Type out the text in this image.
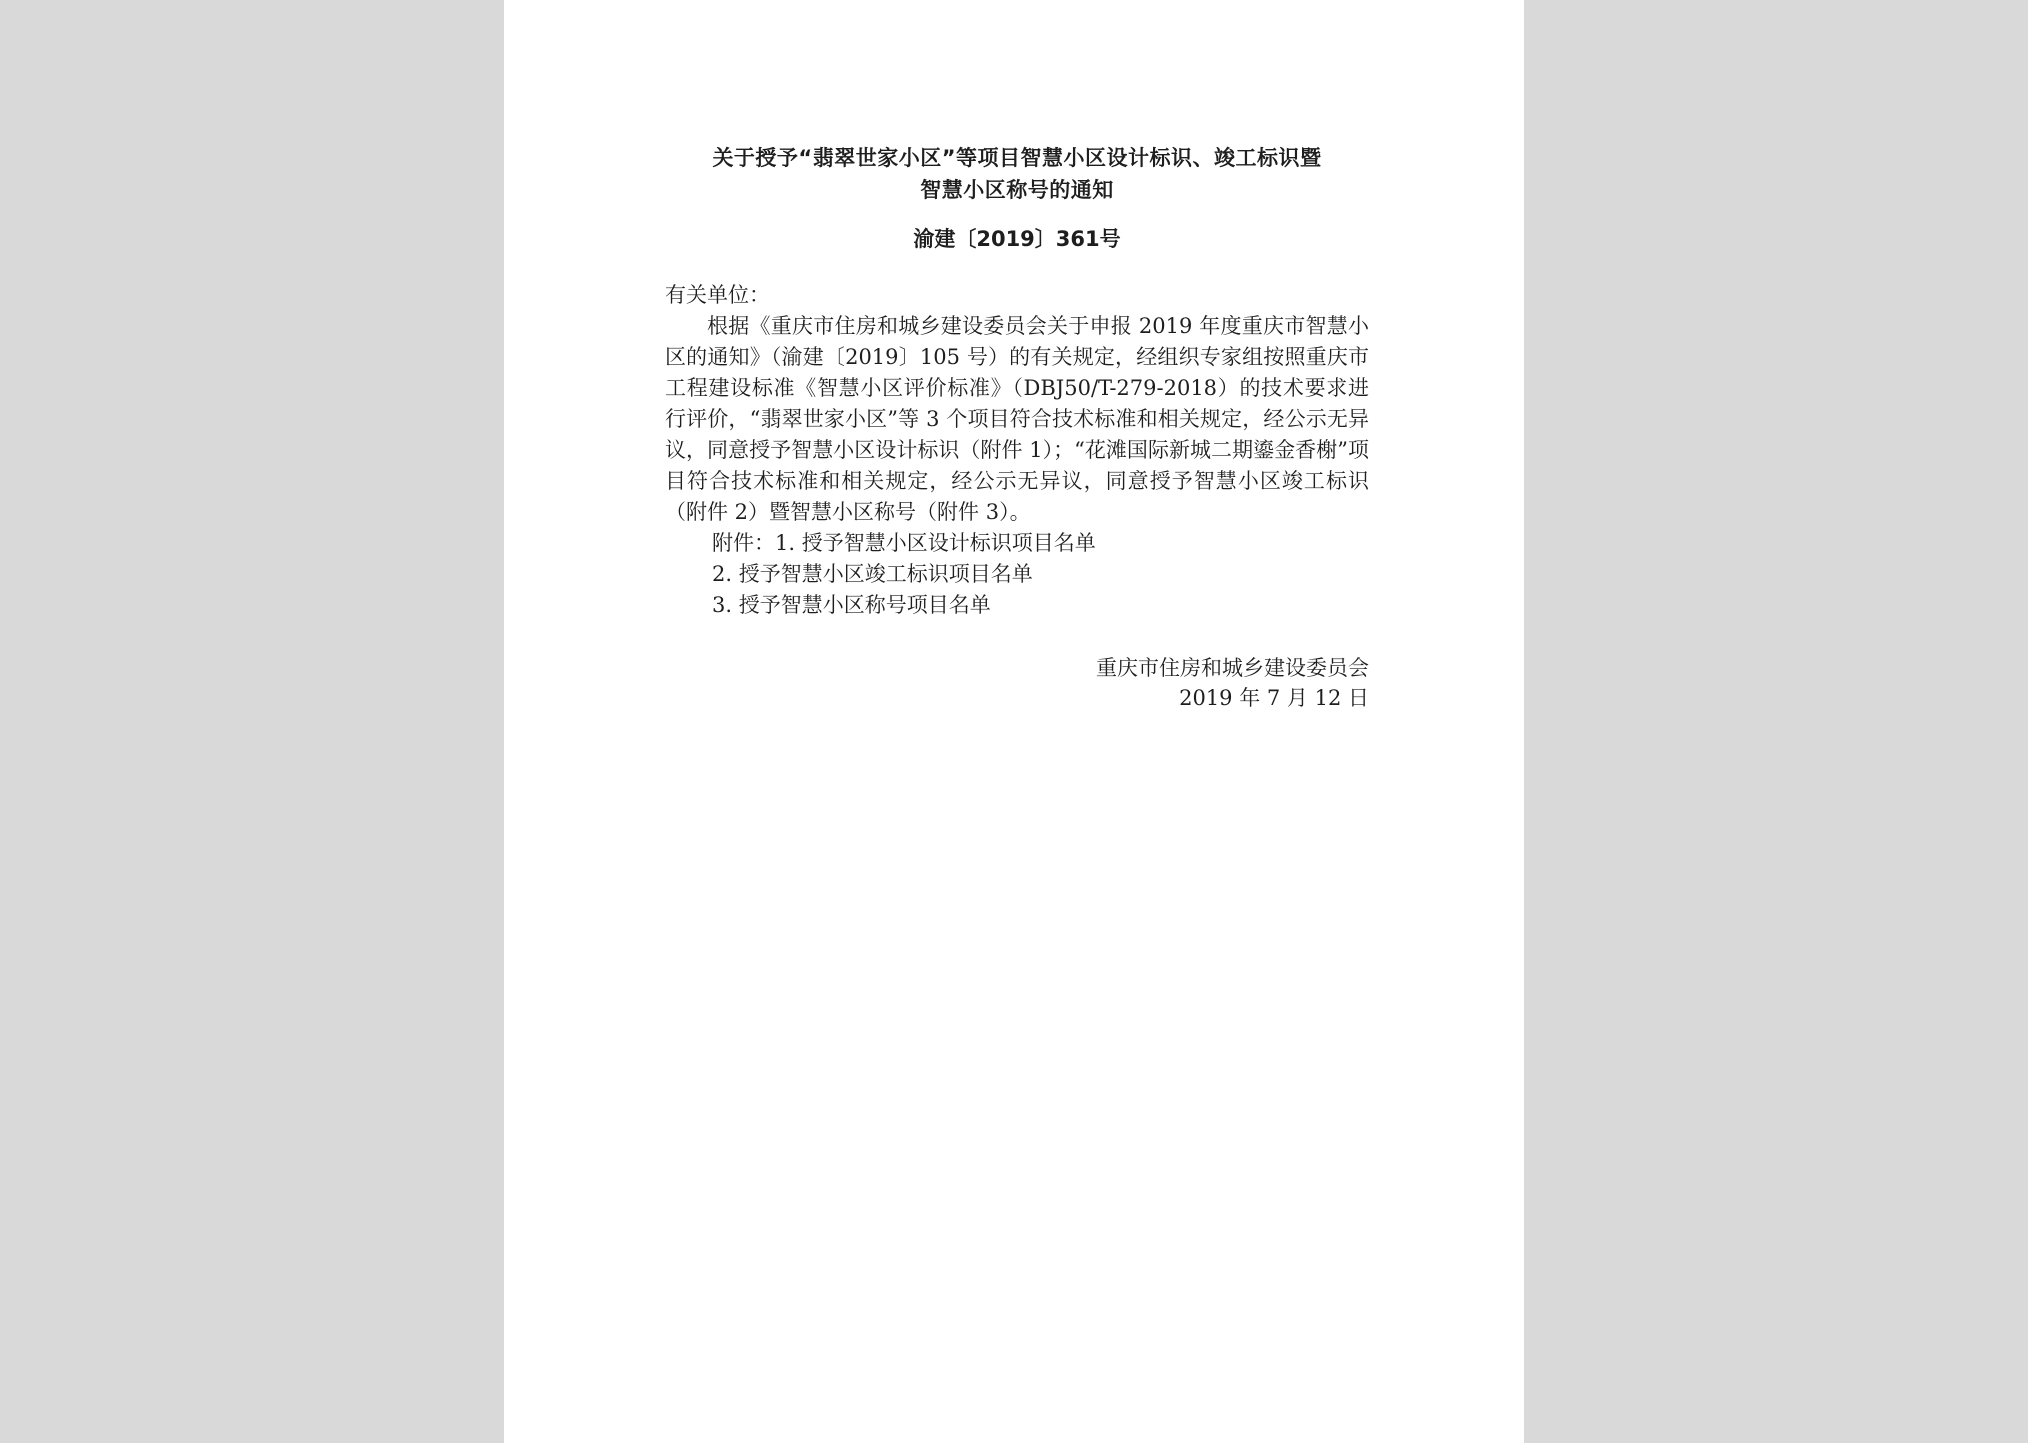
关于授予“翡翠世家小区”等项目智慧小区设计标识、竣工标识暨
智慧小区称号的通知
渝建〔2019〕361号

有关单位：

根据《重庆市住房和城乡建设委员会关于申报 2019 年度重庆市智慧小区的通知》（渝建〔2019〕105 号）的有关规定，经组织专家组按照重庆市工程建设标准《智慧小区评价标准》（DBJ50/T-279-2018）的技术要求进行评价，“翡翠世家小区”等 3 个项目符合技术标准和相关规定，经公示无异议，同意授予智慧小区设计标识（附件 1）；“花滩国际新城二期鎏金香榭”项目符合技术标准和相关规定，经公示无异议，同意授予智慧小区竣工标识（附件 2）暨智慧小区称号（附件 3）。

附件：1. 授予智慧小区设计标识项目名单
2. 授予智慧小区竣工标识项目名单
3. 授予智慧小区称号项目名单
重庆市住房和城乡建设委员会
2019 年 7 月 12 日
